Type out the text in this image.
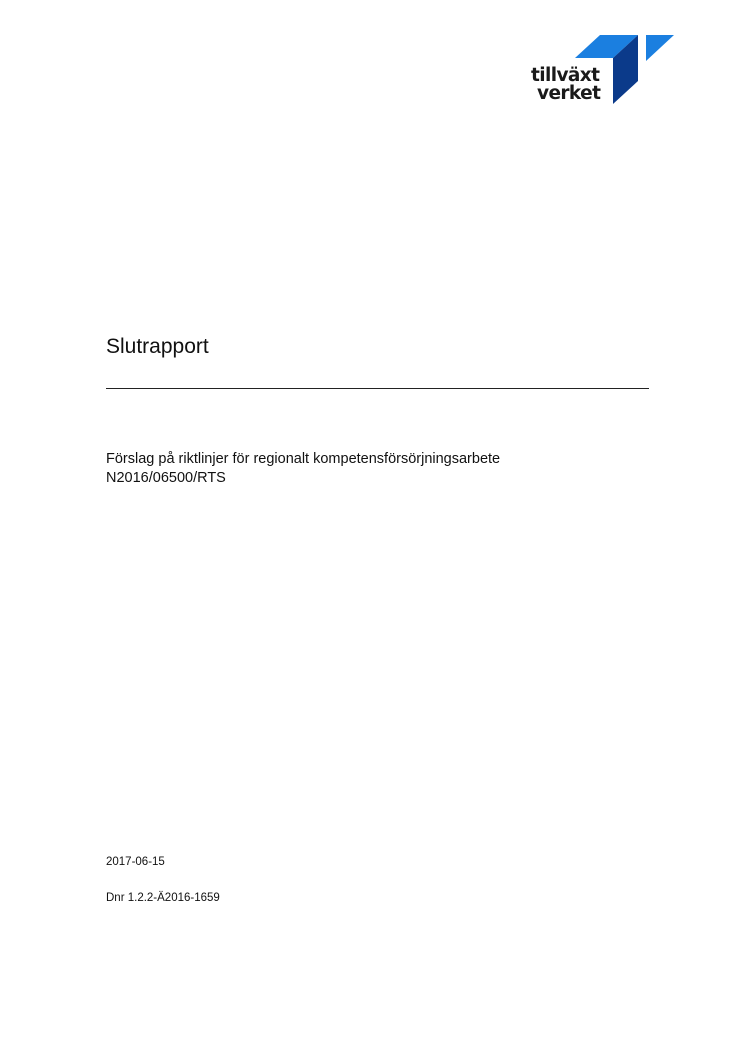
tillväxt
verket
Slutrapport
Förslag på riktlinjer för regionalt kompetensförsörjningsarbete
N2016/06500/RTS
2017-06-15
Dnr 1.2.2-Ä2016-1659
